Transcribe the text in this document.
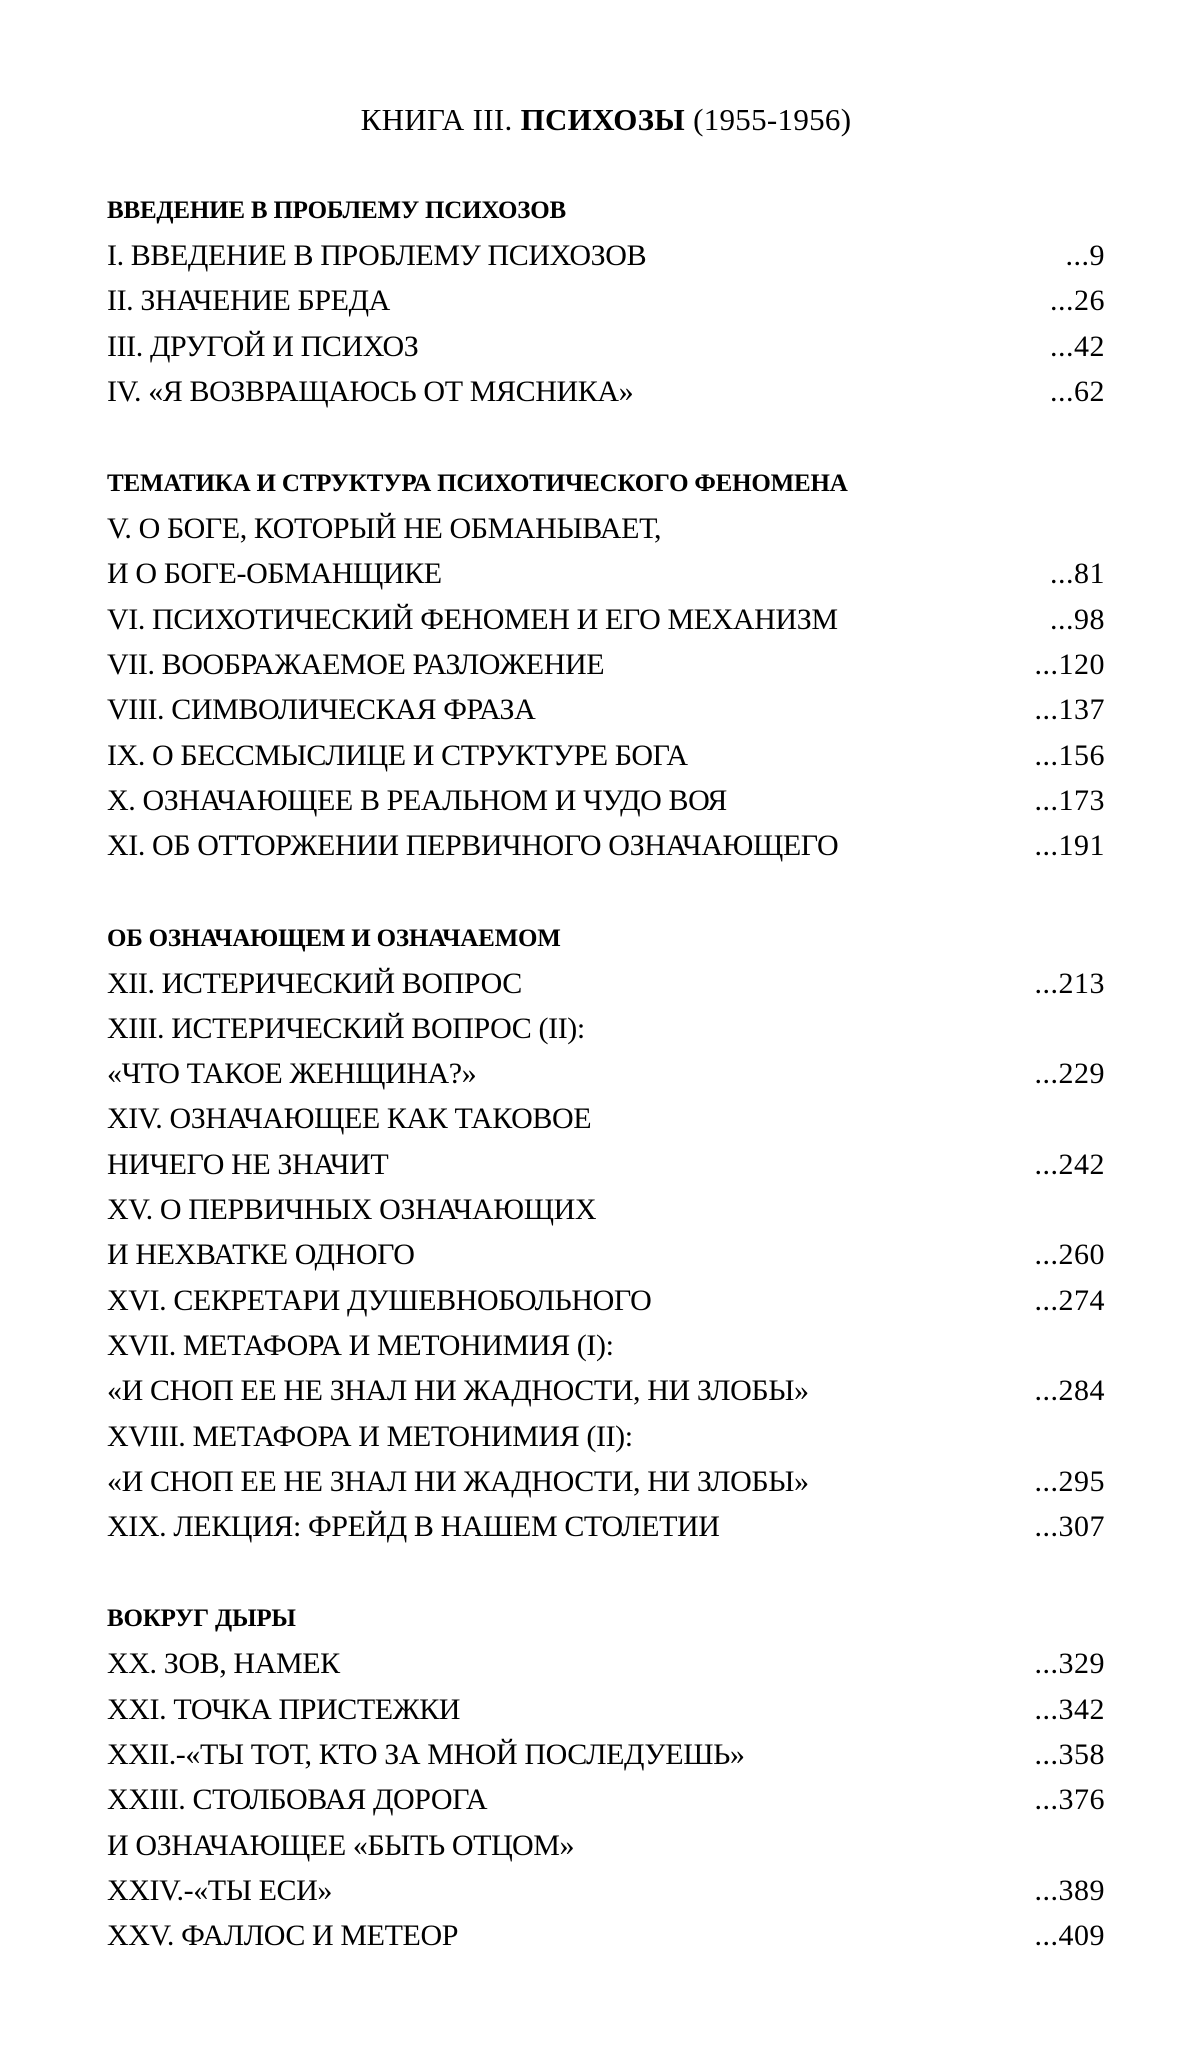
КНИГА III. ПСИХОЗЫ (1955-1956)
ВВЕДЕНИЕ В ПРОБЛЕМУ ПСИХОЗОВ
I. ВВЕДЕНИЕ В ПРОБЛЕМУ ПСИХОЗОВ	...9
II. ЗНАЧЕНИЕ БРЕДА	...26
III. ДРУГОЙ И ПСИХОЗ	...42
IV. «Я ВОЗВРАЩАЮСЬ ОТ МЯСНИКА»	...62
ТЕМАТИКА И СТРУКТУРА ПСИХОТИЧЕСКОГО ФЕНОМЕНА
V. О БОГЕ, КОТОРЫЙ НЕ ОБМАНЫВАЕТ,
И О БОГЕ-ОБМАНЩИКЕ	...81
VI. ПСИХОТИЧЕСКИЙ ФЕНОМЕН И ЕГО МЕХАНИЗМ	...98
VII. ВООБРАЖАЕМОЕ РАЗЛОЖЕНИЕ	...120
VIII. СИМВОЛИЧЕСКАЯ ФРАЗА	...137
IX. О БЕССМЫСЛИЦЕ И СТРУКТУРЕ БОГА	...156
X. ОЗНАЧАЮЩЕЕ В РЕАЛЬНОМ И ЧУДО ВОЯ	...173
XI. ОБ ОТТОРЖЕНИИ ПЕРВИЧНОГО ОЗНАЧАЮЩЕГО	...191
ОБ ОЗНАЧАЮЩЕМ И ОЗНАЧАЕМОМ
XII. ИСТЕРИЧЕСКИЙ ВОПРОС	...213
XIII. ИСТЕРИЧЕСКИЙ ВОПРОС (II):
«ЧТО ТАКОЕ ЖЕНЩИНА?»	...229
XIV. ОЗНАЧАЮЩЕЕ КАК ТАКОВОЕ
НИЧЕГО НЕ ЗНАЧИТ	...242
XV. О ПЕРВИЧНЫХ ОЗНАЧАЮЩИХ
И НЕХВАТКЕ ОДНОГО	...260
XVI. СЕКРЕТАРИ ДУШЕВНОБОЛЬНОГО	...274
XVII. МЕТАФОРА И МЕТОНИМИЯ (I):
«И СНОП ЕЕ НЕ ЗНАЛ НИ ЖАДНОСТИ, НИ ЗЛОБЫ»	...284
XVIII. МЕТАФОРА И МЕТОНИМИЯ (II):
«И СНОП ЕЕ НЕ ЗНАЛ НИ ЖАДНОСТИ, НИ ЗЛОБЫ»	...295
XIX. ЛЕКЦИЯ: ФРЕЙД В НАШЕМ СТОЛЕТИИ	...307
ВОКРУГ ДЫРЫ
XX. ЗОВ, НАМЕК	...329
XXI. ТОЧКА ПРИСТЕЖКИ	...342
XXII.-«ТЫ ТОТ, КТО ЗА МНОЙ ПОСЛЕДУЕШЬ»	...358
XXIII. СТОЛБОВАЯ ДОРОГА	...376
И ОЗНАЧАЮЩЕЕ «БЫТЬ ОТЦОМ»
XXIV.-«ТЫ ЕСИ»	...389
XXV. ФАЛЛОС И МЕТЕОР	...409
